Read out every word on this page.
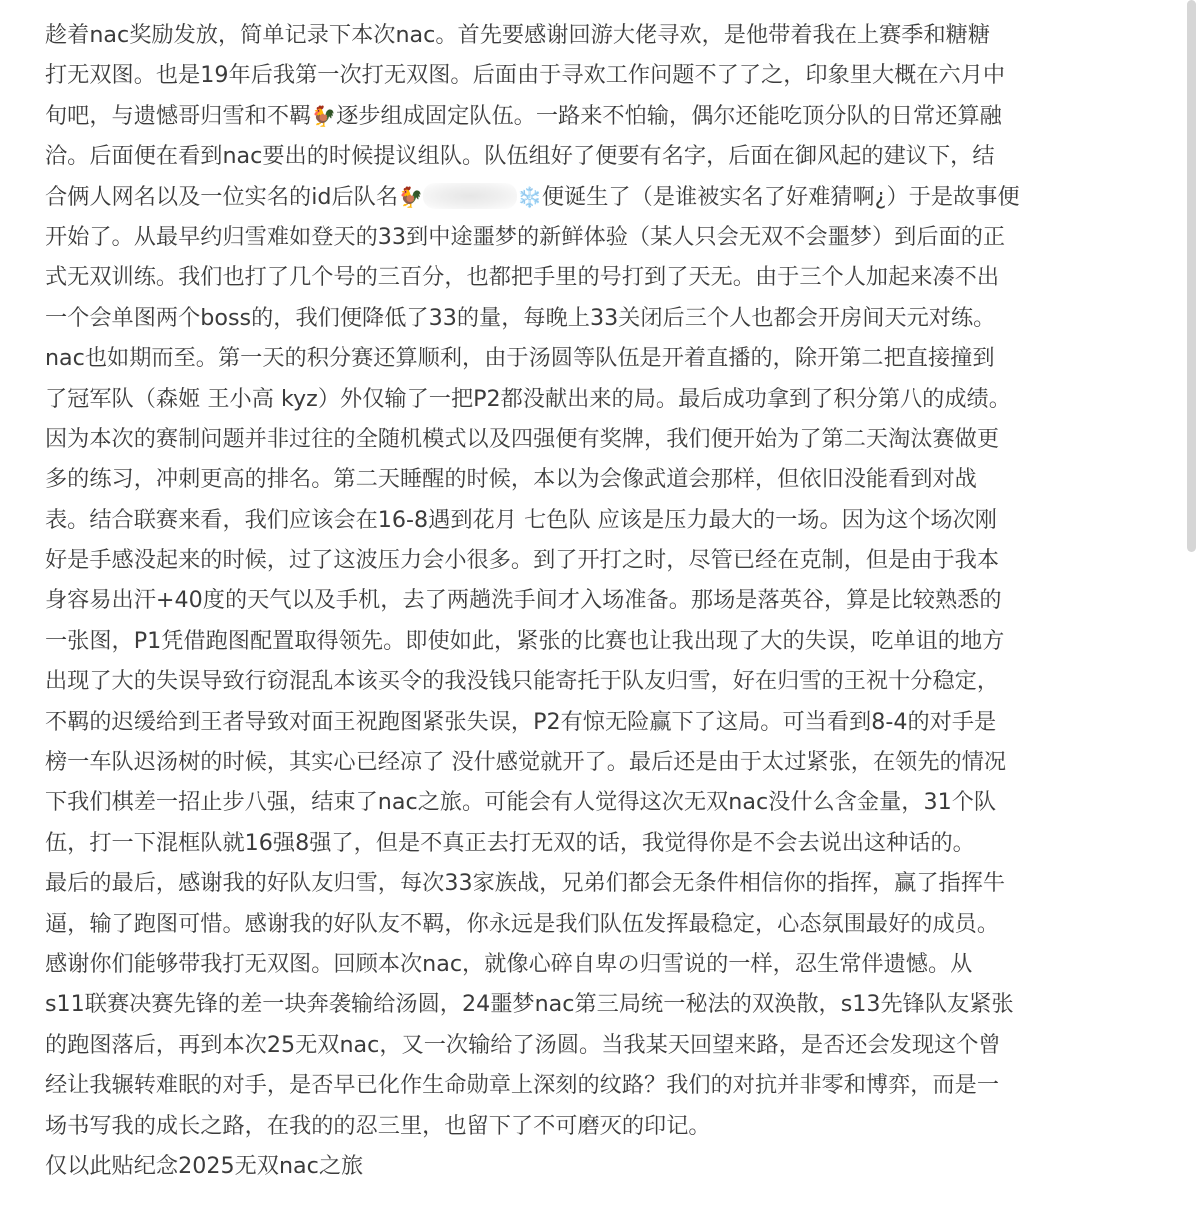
趁着nac奖励发放，简单记录下本次nac。首先要感谢回游大佬寻欢，是他带着我在上赛季和糖糖
打无双图。也是19年后我第一次打无双图。后面由于寻欢工作问题不了了之，印象里大概在六月中
旬吧，与遗憾哥归雪和不羁🐓逐步组成固定队伍。一路来不怕输，偶尔还能吃顶分队的日常还算融
洽。后面便在看到nac要出的时候提议组队。队伍组好了便要有名字，后面在御风起的建议下，结
合俩人网名以及一位实名的id后队名🐓	❄️便诞生了（是谁被实名了好难猜啊¿）于是故事便
开始了。从最早约归雪难如登天的33到中途噩梦的新鲜体验（某人只会无双不会噩梦）到后面的正
式无双训练。我们也打了几个号的三百分，也都把手里的号打到了天无。由于三个人加起来凑不出
一个会单图两个boss的，我们便降低了33的量，每晚上33关闭后三个人也都会开房间天元对练。
nac也如期而至。第一天的积分赛还算顺利，由于汤圆等队伍是开着直播的，除开第二把直接撞到
了冠军队（森姬 王小高 kyz）外仅输了一把P2都没献出来的局。最后成功拿到了积分第八的成绩。
因为本次的赛制问题并非过往的全随机模式以及四强便有奖牌，我们便开始为了第二天淘汰赛做更
多的练习，冲刺更高的排名。第二天睡醒的时候，本以为会像武道会那样，但依旧没能看到对战
表。结合联赛来看，我们应该会在16-8遇到花月 七色队 应该是压力最大的一场。因为这个场次刚
好是手感没起来的时候，过了这波压力会小很多。到了开打之时，尽管已经在克制，但是由于我本
身容易出汗+40度的天气以及手机，去了两趟洗手间才入场准备。那场是落英谷，算是比较熟悉的
一张图，P1凭借跑图配置取得领先。即使如此，紧张的比赛也让我出现了大的失误，吃单诅的地方
出现了大的失误导致行窃混乱本该买令的我没钱只能寄托于队友归雪，好在归雪的王祝十分稳定，
不羁的迟缓给到王者导致对面王祝跑图紧张失误，P2有惊无险赢下了这局。可当看到8-4的对手是
榜一车队迟汤树的时候，其实心已经凉了 没什感觉就开了。最后还是由于太过紧张，在领先的情况
下我们棋差一招止步八强，结束了nac之旅。可能会有人觉得这次无双nac没什么含金量，31个队
伍，打一下混框队就16强8强了，但是不真正去打无双的话，我觉得你是不会去说出这种话的。
最后的最后，感谢我的好队友归雪，每次33家族战，兄弟们都会无条件相信你的指挥，赢了指挥牛
逼，输了跑图可惜。感谢我的好队友不羁，你永远是我们队伍发挥最稳定，心态氛围最好的成员。
感谢你们能够带我打无双图。回顾本次nac，就像心碎自卑の归雪说的一样，忍生常伴遗憾。从
s11联赛决赛先锋的差一块奔袭输给汤圆，24噩梦nac第三局统一秘法的双涣散，s13先锋队友紧张
的跑图落后，再到本次25无双nac，又一次输给了汤圆。当我某天回望来路，是否还会发现这个曾
经让我辗转难眠的对手，是否早已化作生命勋章上深刻的纹路？我们的对抗并非零和博弈，而是一
场书写我的成长之路，在我的的忍三里，也留下了不可磨灭的印记。
仅以此贴纪念2025无双nac之旅
